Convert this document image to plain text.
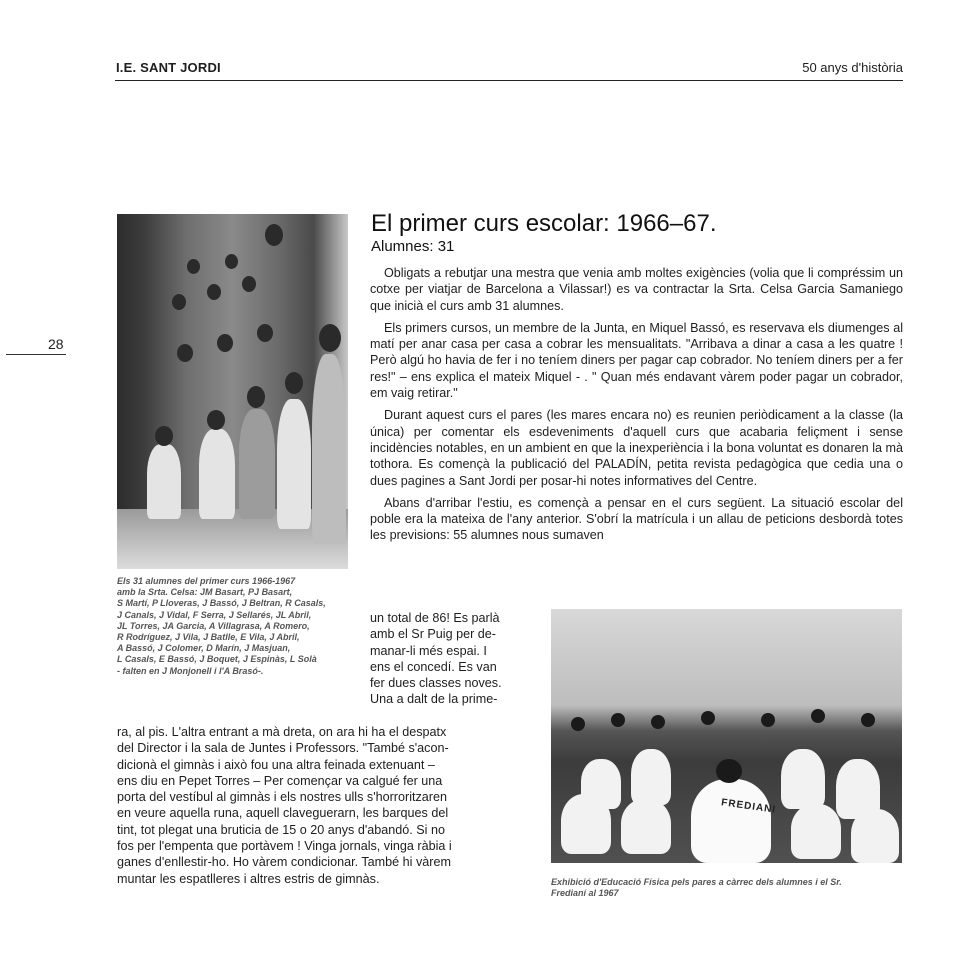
I.E. SANT JORDI	50 anys d'història
28
Els 31 alumnes del primer curs 1966-1967
amb la Srta. Celsa: JM Basart, PJ Basart,
S Martí, P Lloveras, J Bassó, J Beltran, R Casals,
J Canals, J Vidal, F Serra, J Sellarés, JL Abril,
JL Torres, JA Garcia, A Villagrasa, A Romero,
R Rodríguez, J Vila, J Batlle, E Vila, J Abril,
A Bassó, J Colomer, D Marín, J Masjuan,
L Casals, E Bassó, J Boquet, J Espinàs, L Solà
- falten en J Monjonell i l'A Brasó-.
El primer curs escolar: 1966–67.
Alumnes: 31

Obligats a rebutjar una mestra que venia amb moltes exigències (volia que li compréssim un cotxe per viatjar de Barcelona a Vilassar!) es va contractar la Srta. Celsa Garcia Samaniego que inicià el curs amb 31 alumnes.

Els primers cursos, un membre de la Junta, en Miquel Bassó, es reservava els diumenges al matí per anar casa per casa a cobrar les mensualitats. "Arribava a dinar a casa a les quatre ! Però algú ho havia de fer i no teníem diners per pagar cap cobrador. No teníem diners per a fer res!" – ens explica el mateix Miquel - . " Quan més endavant vàrem poder pagar un cobrador, em vaig retirar."

Durant aquest curs el pares (les mares encara no) es reunien periòdicament a la classe (la única) per comentar els esdeveniments d'aquell curs que acabaria feliçment i sense incidències notables, en un ambient en que la inexperiència i la bona voluntat es donaren la mà tothora. Es començà la publicació del PALADÍN, petita revista pedagògica que cedia una o dues pagines a Sant Jordi per posar-hi notes informatives del Centre.

Abans d'arribar l'estiu, es començà a pensar en el curs següent. La situació escolar del poble era la mateixa de l'any anterior. S'obrí la matrícula i un allau de peticions desbordà totes les previsions: 55 alumnes nous sumaven

un total de 86! Es parlà
amb el Sr Puig per de-
manar-li més espai. I
ens el concedí. Es van
fer dues classes noves.
Una a dalt de la prime-
ra, al pis. L'altra entrant a mà dreta, on ara hi ha el despatx
del Director i la sala de Juntes i Professors. "També s'acon-
dicionà el gimnàs i això fou una altra feinada extenuant –
ens diu en Pepet Torres – Per començar va calgué fer una
porta del vestíbul al gimnàs i els nostres ulls s'horroritzaren
en veure aquella runa, aquell claveguerarn, les barques del
tint, tot plegat una bruticia de 15 o 20 anys d'abandó. Si no
fos per l'empenta que portàvem ! Vinga jornals, vinga ràbia i
ganes d'enllestir-ho. Ho vàrem condicionar. També hi vàrem
muntar les espatlleres i altres estris de gimnàs.
FREDIANI
Exhibició d'Educació Física pels pares a càrrec dels alumnes i el Sr.
Fredianí al 1967
